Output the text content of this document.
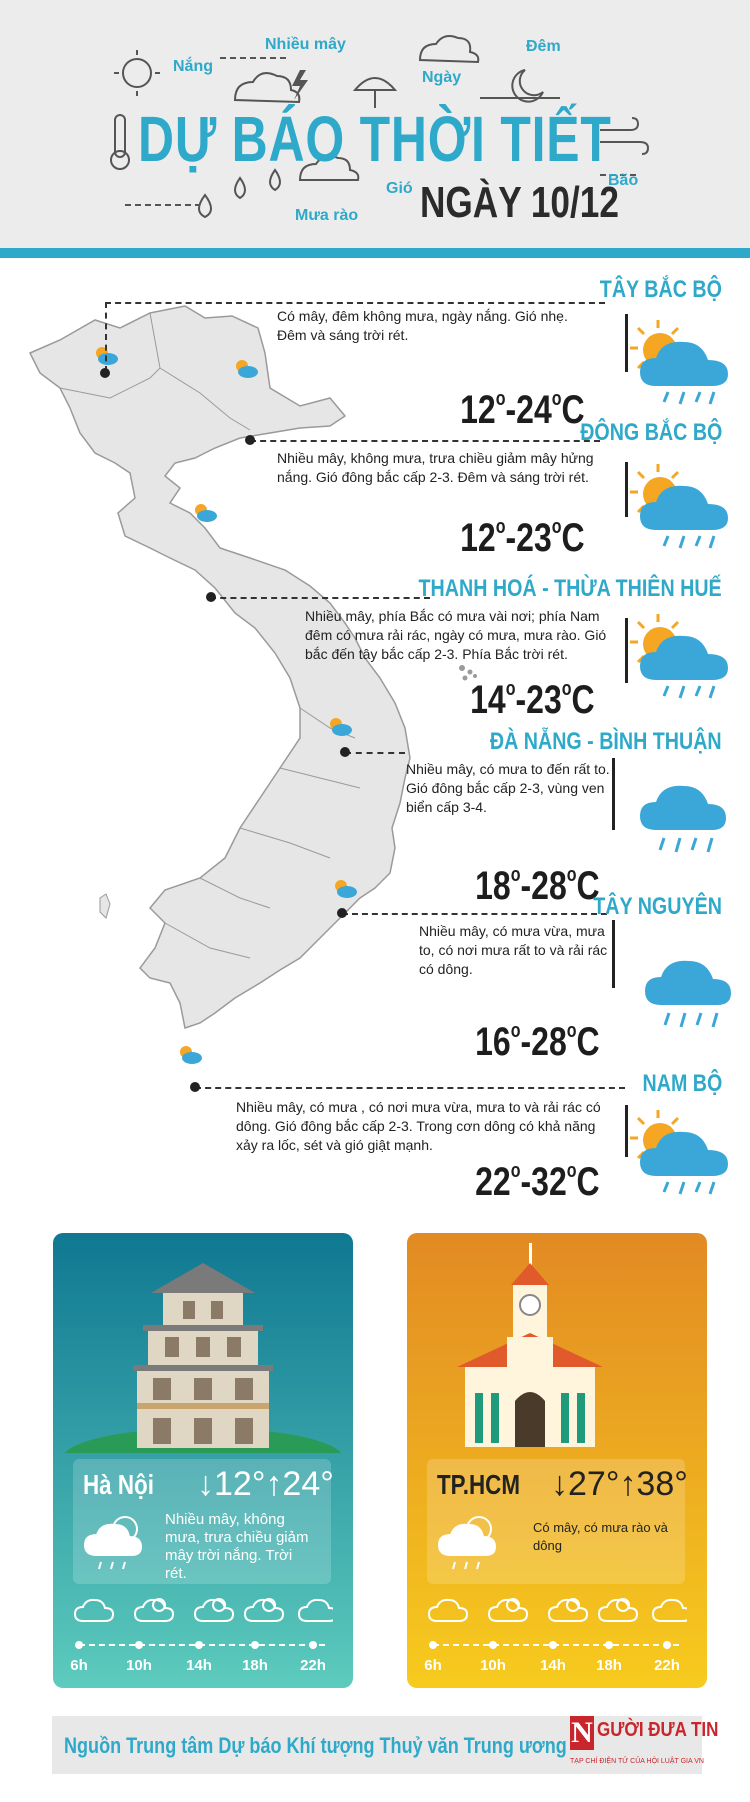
Nắng
Nhiều mây
Ngày
Đêm
Gió	Bão
Mưa rào
DỰ BÁO THỜI TIẾT
NGÀY 10/12
TÂY BẮC BỘ
Có mây, đêm không mưa, ngày nắng. Gió nhẹ. Đêm và sáng trời rét.
12$^o$-24$^o$C
ĐÔNG BẮC BỘ
Nhiều mây, không mưa, trưa chiều giảm mây hửng nắng. Gió đông bắc cấp 2-3. Đêm và sáng trời rét.
12$^o$-23$^o$C
THANH HOÁ - THỪA THIÊN HUẾ
Nhiều mây, phía Bắc có mưa vài nơi; phía Nam đêm có mưa rải rác, ngày có mưa, mưa rào. Gió bắc đến tây bắc cấp 2-3. Phía Bắc trời rét.
14$^o$-23$^o$C
ĐÀ NẴNG - BÌNH THUẬN
Nhiều mây, có mưa to đến rất to. Gió đông bắc cấp 2-3, vùng ven biển cấp 3-4.
18$^o$-28$^o$C
TÂY NGUYÊN
Nhiều mây, có mưa vừa, mưa to, có nơi mưa rất to và rải rác có dông.
16$^o$-28$^o$C
NAM BỘ
Nhiều mây, có mưa , có nơi mưa vừa, mưa to và rải rác có dông. Gió đông bắc cấp 2-3. Trong cơn dông có khả năng xảy ra lốc, sét và gió giật mạnh.
22$^o$-32$^o$C
Hà Nội ↓12°↑24°
Nhiều mây, không mưa, trưa chiều giảm mây trời nắng. Trời rét.
6h	10h	14h	18h	22h
TP.HCM ↓27°↑38°
Có mây, có mưa rào và dông
6h	10h	14h	18h	22h
Nguồn Trung tâm Dự báo Khí tượng Thuỷ văn Trung ương N GƯỜI ĐƯA TIN
TẠP CHÍ ĐIỆN TỬ CỦA HỘI LUẬT GIA VN
